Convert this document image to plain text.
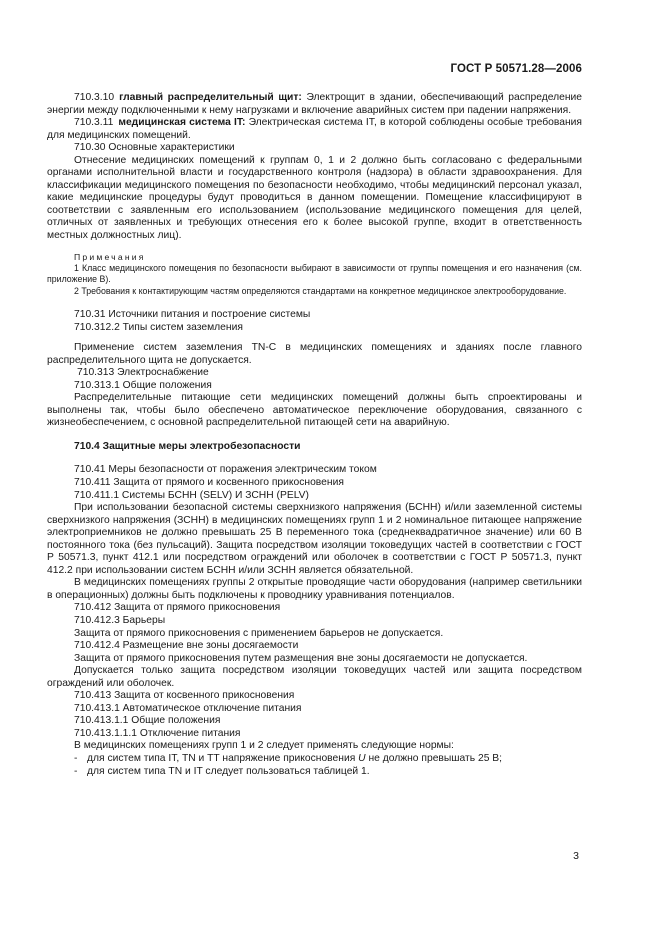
ГОСТ Р 50571.28—2006

710.3.10 главный распределительный щит: Электрощит в здании, обеспечивающий распределение энергии между подключенными к нему нагрузками и включение аварийных систем при падении напряжения.

710.3.11 медицинская система IT: Электрическая система IT, в которой соблюдены особые требования для медицинских помещений.

710.30 Основные характеристики

Отнесение медицинских помещений к группам 0, 1 и 2 должно быть согласовано с федеральными органами исполнительной власти и государственного контроля (надзора) в области здравоохранения. Для классификации медицинского помещения по безопасности необходимо, чтобы медицинский персонал указал, какие медицинские процедуры будут проводиться в данном помещении. Помещение классифицируют в соответствии с заявленным его использованием (использование медицинского помещения для целей, отличных от заявленных и требующих отнесения его к более высокой группе, входит в ответственность местных должностных лиц).

Примечания

1 Класс медицинского помещения по безопасности выбирают в зависимости от группы помещения и его назначения (см. приложение B).

2 Требования к контактирующим частям определяются стандартами на конкретное медицинское электрооборудование.

710.31 Источники питания и построение системы

710.312.2 Типы систем заземления

Применение систем заземления TN-C в медицинских помещениях и зданиях после главного распределительного щита не допускается.

710.313 Электроснабжение

710.313.1 Общие положения

Распределительные питающие сети медицинских помещений должны быть спроектированы и выполнены так, чтобы было обеспечено автоматическое переключение оборудования, связанного с жизнеобеспечением, с основной распределительной питающей сети на аварийную.

710.4 Защитные меры электробезопасности

710.41 Меры безопасности от поражения электрическим током

710.411 Защита от прямого и косвенного прикосновения

710.411.1 Системы БСНН (SELV) И ЗСНН (PELV)

При использовании безопасной системы сверхнизкого напряжения (БСНН) и/или заземленной системы сверхнизкого напряжения (ЗСНН) в медицинских помещениях групп 1 и 2 номинальное питающее напряжение электроприемников не должно превышать 25 В переменного тока (среднеквадратичное значение) или 60 В постоянного тока (без пульсаций). Защита посредством изоляции токоведущих частей в соответствии с ГОСТ Р 50571.3, пункт 412.1 или посредством ограждений или оболочек в соответствии с ГОСТ Р 50571.3, пункт 412.2 при использовании систем БСНН и/или ЗСНН является обязательной.

В медицинских помещениях группы 2 открытые проводящие части оборудования (например светильники в операционных) должны быть подключены к проводнику уравнивания потенциалов.

710.412 Защита от прямого прикосновения

710.412.3 Барьеры

Защита от прямого прикосновения с применением барьеров не допускается.

710.412.4 Размещение вне зоны досягаемости

Защита от прямого прикосновения путем размещения вне зоны досягаемости не допускается.

Допускается только защита посредством изоляции токоведущих частей или защита посредством ограждений или оболочек.

710.413 Защита от косвенного прикосновения

710.413.1 Автоматическое отключение питания

710.413.1.1 Общие положения

710.413.1.1.1 Отключение питания

В медицинских помещениях групп 1 и 2 следует применять следующие нормы:

- для систем типа IT, TN и TT напряжение прикосновения U не должно превышать 25 В;

- для систем типа TN и IT следует пользоваться таблицей 1.

3
